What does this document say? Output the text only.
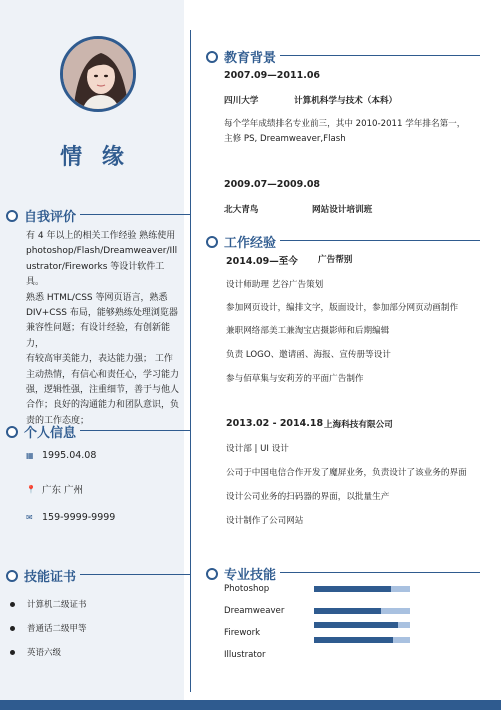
情 缘
自我评价
有 4 年以上的相关工作经验 熟练使用
photoshop/Flash/Dreamweaver/Ill
ustrator/Fireworks 等设计软件工具。
熟悉 HTML/CSS 等网页语言，熟悉
DIV+CSS 布局，能够熟练处理浏览器
兼容性问题；有设计经验，有创新能力，
有较高审美能力，表达能力强； 工作
主动热情，有信心和责任心，学习能力
强，逻辑性强，注重细节，善于与他人
合作；良好的沟通能力和团队意识，负
责的工作态度；
个人信息
▦ 1995.04.08
📍 广东 广州
✉ 159-9999-9999
技能证书
计算机二级证书
普通话二级甲等
英语六级
教育背景
2007.09—2011.06
四川大学	计算机科学与技术（本科）
每个学年成绩排名专业前三，其中 2010-2011 学年排名第一，
主修 PS, Dreamweaver,Flash
2009.07—2009.08
北大青鸟	网站设计培训班
工作经验
2014.09—至今 广告帮别
设计师助理 艺谷广告策划
参加网页设计，编排文字，版面设计，参加部分网页动画制作
兼职网络部美工兼淘宝店摄影师和后期编辑
负责 LOGO、邀请函、海报、宣传册等设计
参与佰草集与安莉芳的平面广告制作
2013.02 - 2014.18 上海科技有限公司
设计部 | UI 设计
公司于中国电信合作开发了魔屏业务，负责设计了该业务的界面
设计公司业务的扫码器的界面，以批量生产
设计制作了公司网站
专业技能
Photoshop
Dreamweaver
Firework
Illustrator
